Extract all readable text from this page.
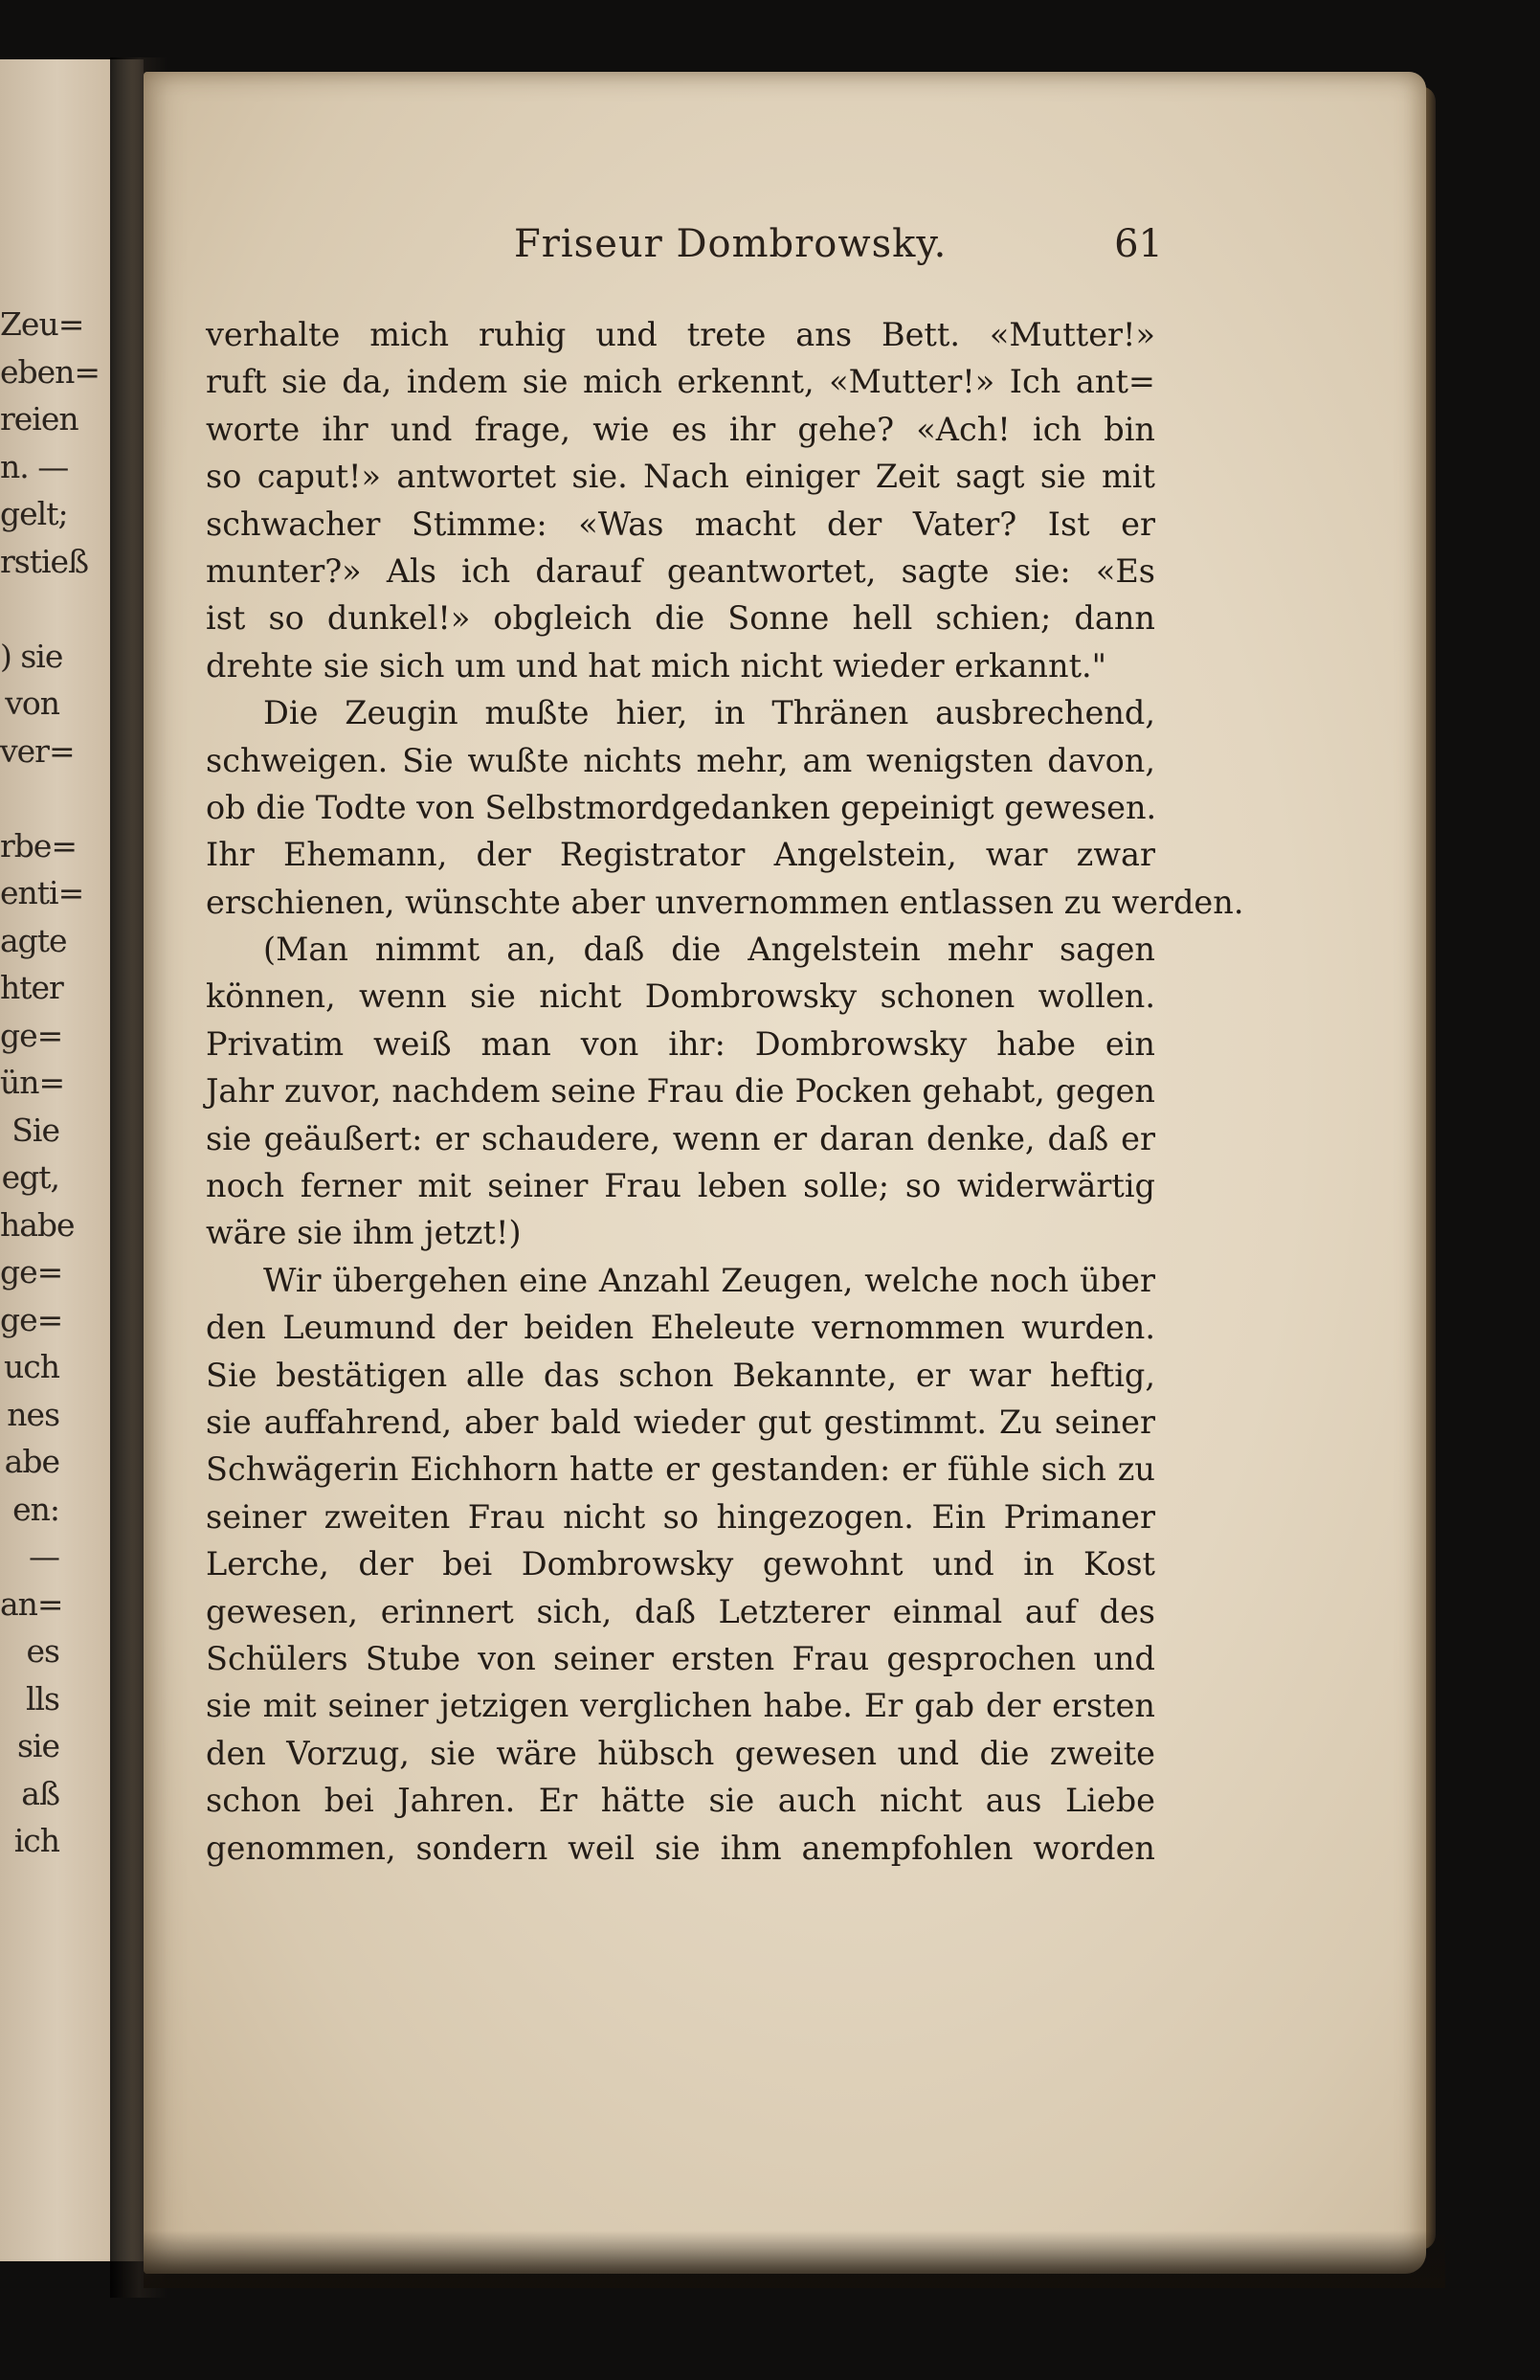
Zeu=
eben=
reien
n. —
gelt;
rstieß
) sie
von
ver=
rbe=
enti=
agte
hter
ge=
ün=
Sie
egt,
habe
ge=
ge=
uch
nes
abe
en:
—
an=
es
lls
sie
aß
ich
Friseur Dombrowsky.	61
verhalte mich ruhig und trete ans Bett. «Mutter!»
ruft sie da, indem sie mich erkennt, «Mutter!» Ich ant=
worte ihr und frage, wie es ihr gehe? «Ach! ich bin
so caput!» antwortet sie. Nach einiger Zeit sagt sie mit
schwacher Stimme: «Was macht der Vater? Ist er
munter?» Als ich darauf geantwortet, sagte sie: «Es
ist so dunkel!» obgleich die Sonne hell schien; dann
drehte sie sich um und hat mich nicht wieder erkannt."
Die Zeugin mußte hier, in Thränen ausbrechend,
schweigen. Sie wußte nichts mehr, am wenigsten davon,
ob die Todte von Selbstmordgedanken gepeinigt gewesen.
Ihr Ehemann, der Registrator Angelstein, war zwar
erschienen, wünschte aber unvernommen entlassen zu werden.
(Man nimmt an, daß die Angelstein mehr sagen
können, wenn sie nicht Dombrowsky schonen wollen.
Privatim weiß man von ihr: Dombrowsky habe ein
Jahr zuvor, nachdem seine Frau die Pocken gehabt, gegen
sie geäußert: er schaudere, wenn er daran denke, daß er
noch ferner mit seiner Frau leben solle; so widerwärtig
wäre sie ihm jetzt!)
Wir übergehen eine Anzahl Zeugen, welche noch über
den Leumund der beiden Eheleute vernommen wurden.
Sie bestätigen alle das schon Bekannte, er war heftig,
sie auffahrend, aber bald wieder gut gestimmt. Zu seiner
Schwägerin Eichhorn hatte er gestanden: er fühle sich zu
seiner zweiten Frau nicht so hingezogen. Ein Primaner
Lerche, der bei Dombrowsky gewohnt und in Kost
gewesen, erinnert sich, daß Letzterer einmal auf des
Schülers Stube von seiner ersten Frau gesprochen und
sie mit seiner jetzigen verglichen habe. Er gab der ersten
den Vorzug, sie wäre hübsch gewesen und die zweite
schon bei Jahren. Er hätte sie auch nicht aus Liebe
genommen, sondern weil sie ihm anempfohlen worden
